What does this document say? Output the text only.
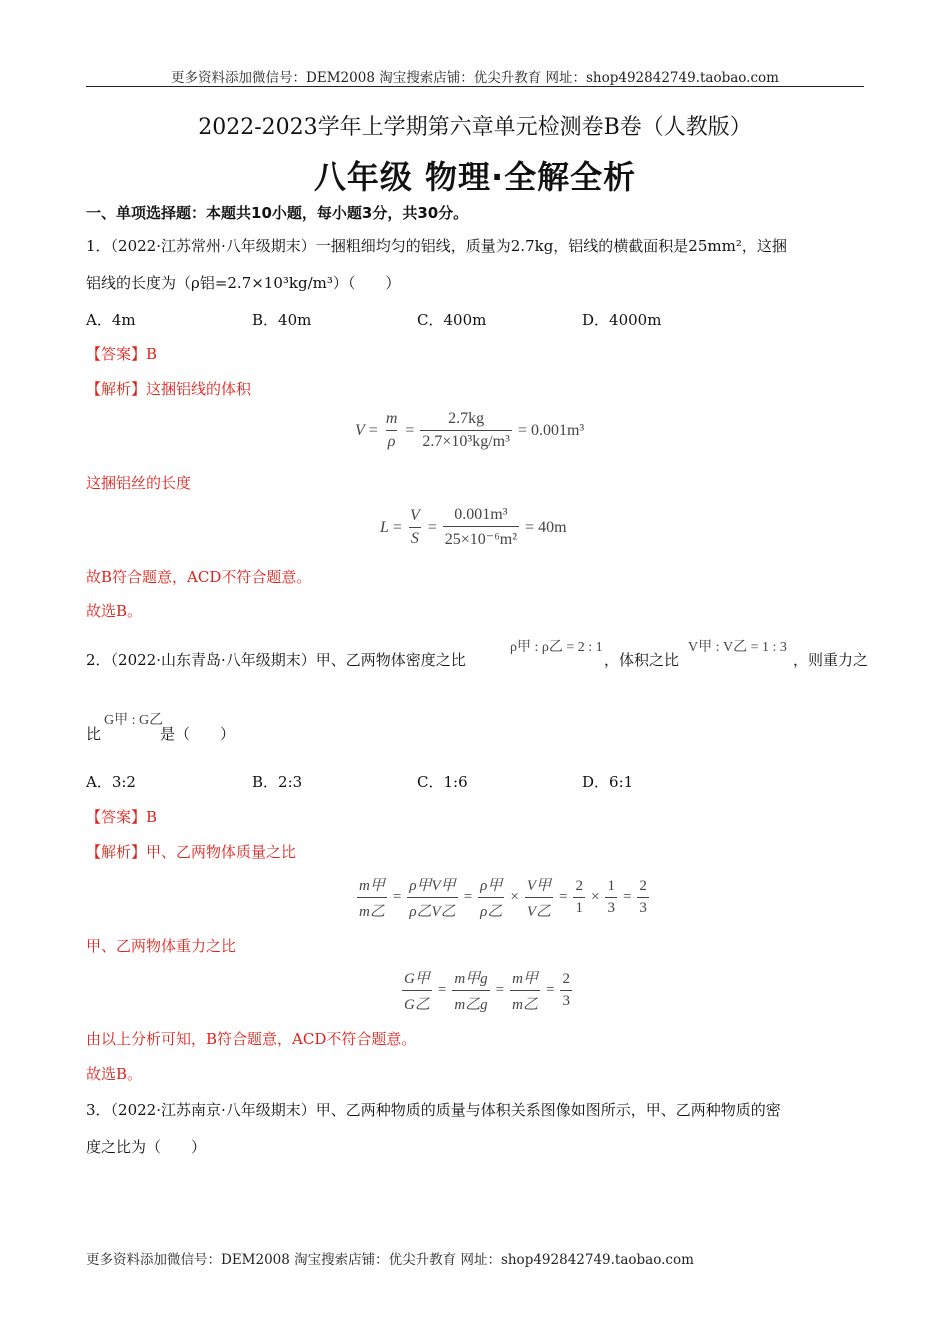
更多资料添加微信号：DEM2008 淘宝搜索店铺：优尖升教育 网址：shop492842749.taobao.com
2022-2023学年上学期第六章单元检测卷B卷（人教版）
八年级 物理·全解全析
一、单项选择题：本题共10小题，每小题3分，共30分。
1．（2022·江苏常州·八年级期末）一捆粗细均匀的铝线，质量为2.7kg，铝线的横截面积是25mm²，这捆
铝线的长度为（ρ铝=2.7×10³kg/m³）（　　）
A．4m	B．40m	C．400m	D．4000m
【答案】B
【解析】这捆铝线的体积
$V = \frac{m}{\rho} = \frac{2.7kg}{\text{2.7×10³kg/m³}} = 0.001m^3$
这捆铝丝的长度
$L = \frac{V}{S} = \frac{\text{0.001m³}}{\text{25×10⁻⁶m²}} = 40m$
故B符合题意，ACD不符合题意。
故选B。
2．（2022·山东青岛·八年级期末）甲、乙两物体密度之比
ρ甲 : ρ乙 = 2 : 1
，体积之比
V甲 : V乙 = 1 : 3
，则重力之
比
G甲 : G乙
是（　　）
A．3:2	B．2:3	C．1:6	D．6:1
【答案】B
【解析】甲、乙两物体质量之比
$\frac{\text{m甲}}{\text{m乙}} = \frac{\text{ρ甲V甲}}{\text{ρ乙V乙}} = \frac{\text{ρ甲}}{\text{ρ乙}} \times \frac{\text{V甲}}{\text{V乙}} = \frac{2}{1} \times \frac{1}{3} = \frac{2}{3}$
甲、乙两物体重力之比
$\frac{\text{G甲}}{\text{G乙}} = \frac{\text{m甲g}}{\text{m乙g}} = \frac{\text{m甲}}{\text{m乙}} = \frac{2}{3}$
由以上分析可知，B符合题意，ACD不符合题意。
故选B。
3．（2022·江苏南京·八年级期末）甲、乙两种物质的质量与体积关系图像如图所示，甲、乙两种物质的密
度之比为（　　）
更多资料添加微信号：DEM2008 淘宝搜索店铺：优尖升教育 网址：shop492842749.taobao.com
